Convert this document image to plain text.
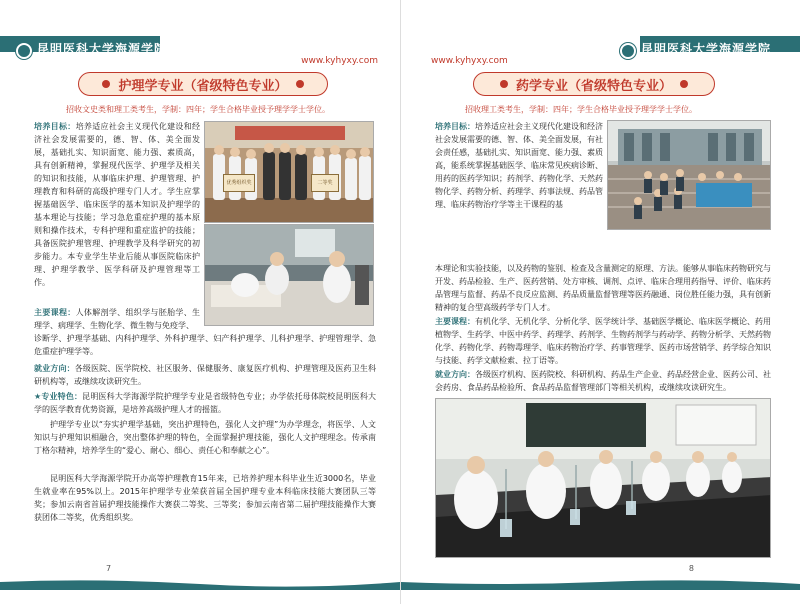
昆明医科大学海源学院
KUNMING MEDICAL UNIVERSITY HAIYUAN COLLEGE	www.kyhyxy.com
护理学专业（省级特色专业）
招收文史类和理工类考生，学制：四年；学生合格毕业授予理学学士学位。
培养目标：培养适应社会主义现代化建设和经济社会发展需要的，德、智、体、美全面发展，基础扎实、知识面宽、能力强、素质高，具有创新精神，掌握现代医学、护理学及相关的知识和技能，从事临床护理、护理管理、护理教育和科研的高级护理专门人才。学生应掌握基础医学、临床医学的基本知识及护理学的基本理论与技能；学习急危重症护理的基本原则和操作技术，专科护理和重症监护的技能；具备医院护理管理、护理教学及科学研究的初步能力。本专业学生毕业后能从事医院临床护理、护理学教学、医学科研及护理管理等工作。
优秀组织奖	二等奖
主要课程：人体解剖学、组织学与胚胎学、生理学、病理学、生物化学、微生物与免疫学、
诊断学、护理学基础、内科护理学、外科护理学、妇产科护理学、儿科护理学、护理管理学、急危重症护理学等。
就业方向：各级医院、医学院校、社区服务、保健服务、康复医疗机构、护理管理及医药卫生科研机构等，或继续攻读研究生。
★专业特色：昆明医科大学海源学院护理学专业是省级特色专业；办学依托母体院校昆明医科大学的医学教育优势资源，是培养高级护理人才的摇篮。
护理学专业以“夯实护理学基础，突出护理特色，强化人文护理”为办学理念，将医学、人文知识与护理知识相融合，突出整体护理的特色，全面掌握护理技能，强化人文护理理念。传承南丁格尔精神，培养学生的“爱心、耐心、细心、责任心和奉献之心”。
昆明医科大学海源学院开办高等护理教育15年来，已培养护理本科毕业生近3000名，毕业生就业率在95%以上。2015年护理学专业荣获首届全国护理专业本科临床技能大赛团队三等奖；参加云南省首届护理技能操作大赛获二等奖、三等奖；参加云南省第二届护理技能操作大赛获团体二等奖，优秀组织奖。
7
昆明医科大学海源学院
KUNMING MEDICAL UNIVERSITY HAIYUAN COLLEGE
www.kyhyxy.com
药学专业（省级特色专业）
招收理工类考生，学制：四年；学生合格毕业授予理学学士学位。
培养目标：培养适应社会主义现代化建设和经济社会发展需要的德、智、体、美全面发展，有社会责任感，基础扎实、知识面宽、能力强、素质高，能系统掌握基础医学、临床常见疾病诊断、用药的医药学知识；药剂学、药物化学、天然药物化学、药物分析、药理学、药事法规、药品管理、临床药物治疗学等主干课程的基
本理论和实验技能，以及药物的鉴别、检查及含量测定的原理、方法。能够从事临床药物研究与开发、药品检验、生产、医药营销、处方审核、调剂、点评、临床合理用药指导、评价、临床药品管理与监督、药品不良反应监测、药品质量监督管理等医药融通、岗位胜任能力强，具有创新精神的复合型高级药学专门人才。
主要课程：有机化学、无机化学、分析化学、医学统计学、基础医学概论、临床医学概论、药用植物学、生药学、中医中药学、药理学、药剂学、生物药剂学与药动学、药物分析学、天然药物化学、药物化学、药物毒理学、临床药物治疗学、药事管理学、医药市场营销学、药学综合知识与技能、药学文献检索、拉丁语等。
就业方向：各级医疗机构、医药院校、科研机构、药品生产企业、药品经营企业、医药公司、社会药房、食品药品检验所、食品药品监督管理部门等相关机构，或继续攻读研究生。
8
